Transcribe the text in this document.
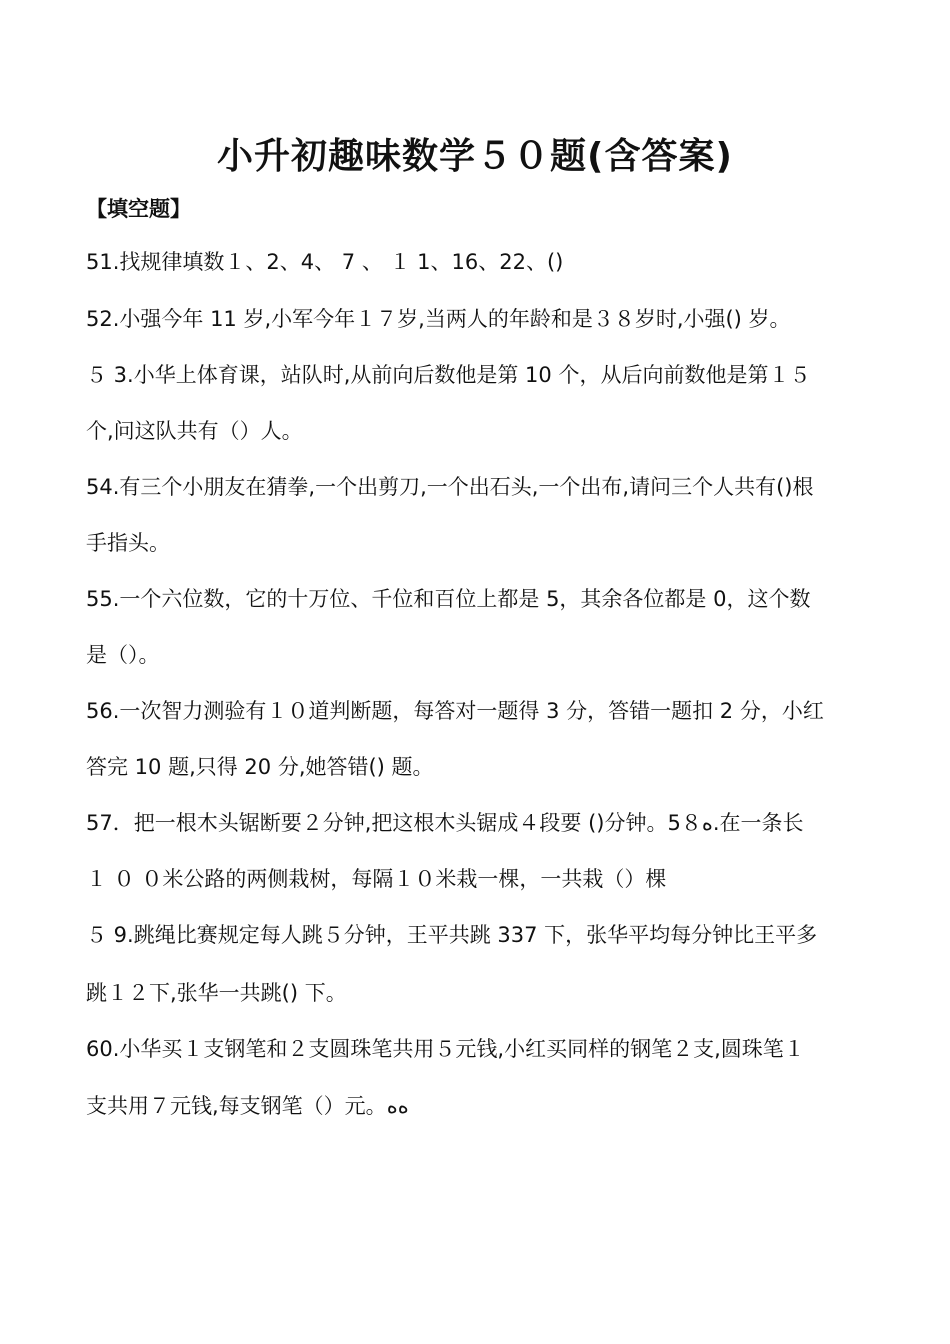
小升初趣味数学５０题(含答案)
【填空题】
51.找规律填数１、2、4、 7 、 １ 1、16、22、()
52.小强今年 11 岁,小军今年１７岁,当两人的年龄和是３８岁时,小强() 岁。
５ 3.小华上体育课，站队时,从前向后数他是第 10 个，从后向前数他是第１５
个,问这队共有（）人。
54.有三个小朋友在猜拳,一个出剪刀,一个出石头,一个出布,请问三个人共有()根
手指头。
55.一个六位数，它的十万位、千位和百位上都是 5，其余各位都是 0，这个数
是（）。
56.一次智力测验有１０道判断题，每答对一题得 3 分，答错一题扣 2 分，小红
答完 10 题,只得 20 分,她答错() 题。
57．把一根木头锯断要２分钟,把这根木头锯成４段要 ()分钟。5８ﻩ.在一条长
１ ０ ０米公路的两侧栽树，每隔１０米栽一棵，一共栽（）棵
５ 9.跳绳比赛规定每人跳５分钟，王平共跳 337 下，张华平均每分钟比王平多
跳１２下,张华一共跳() 下。
60.小华买１支钢笔和２支圆珠笔共用５元钱,小红买同样的钢笔２支,圆珠笔１
支共用７元钱,每支钢笔（）元。ﻩﻩ
